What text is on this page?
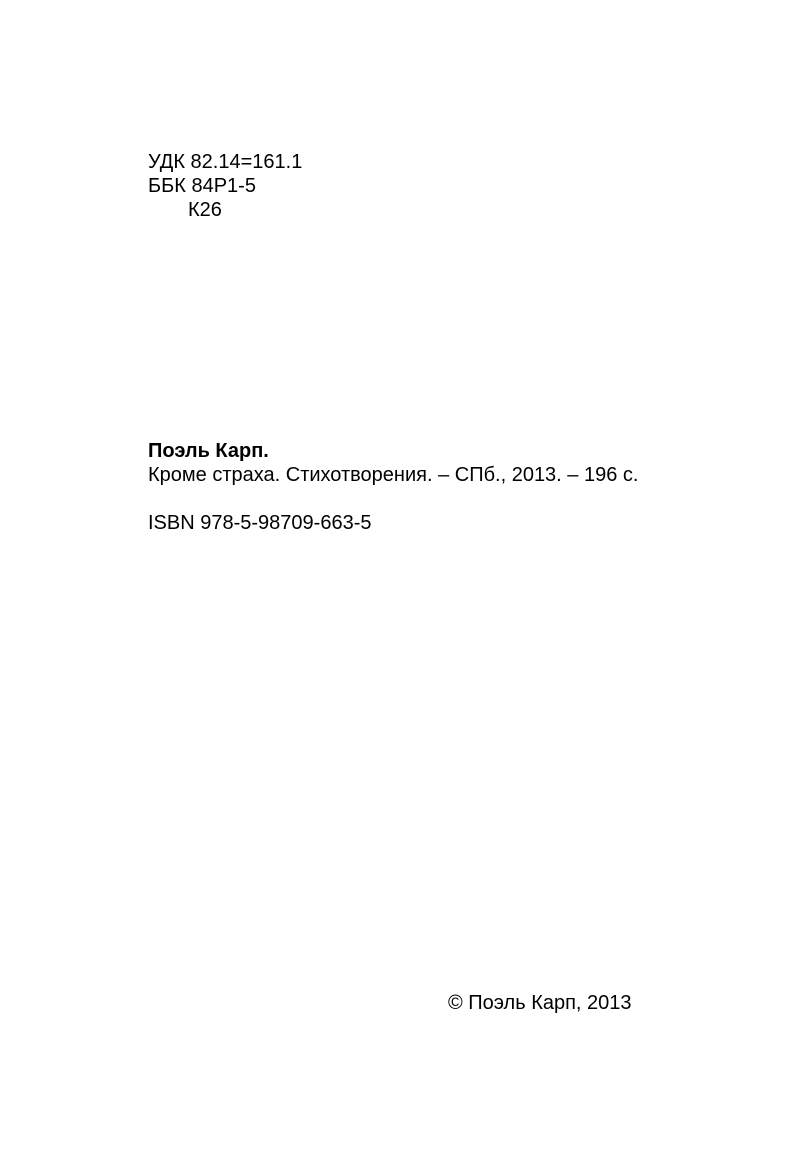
УДК 82.14=161.1
ББК 84Р1-5
К26
Поэль Карп.
Кроме страха. Стихотворения. – СПб., 2013. – 196 с.
ISBN 978-5-98709-663-5
© Поэль Карп, 2013
